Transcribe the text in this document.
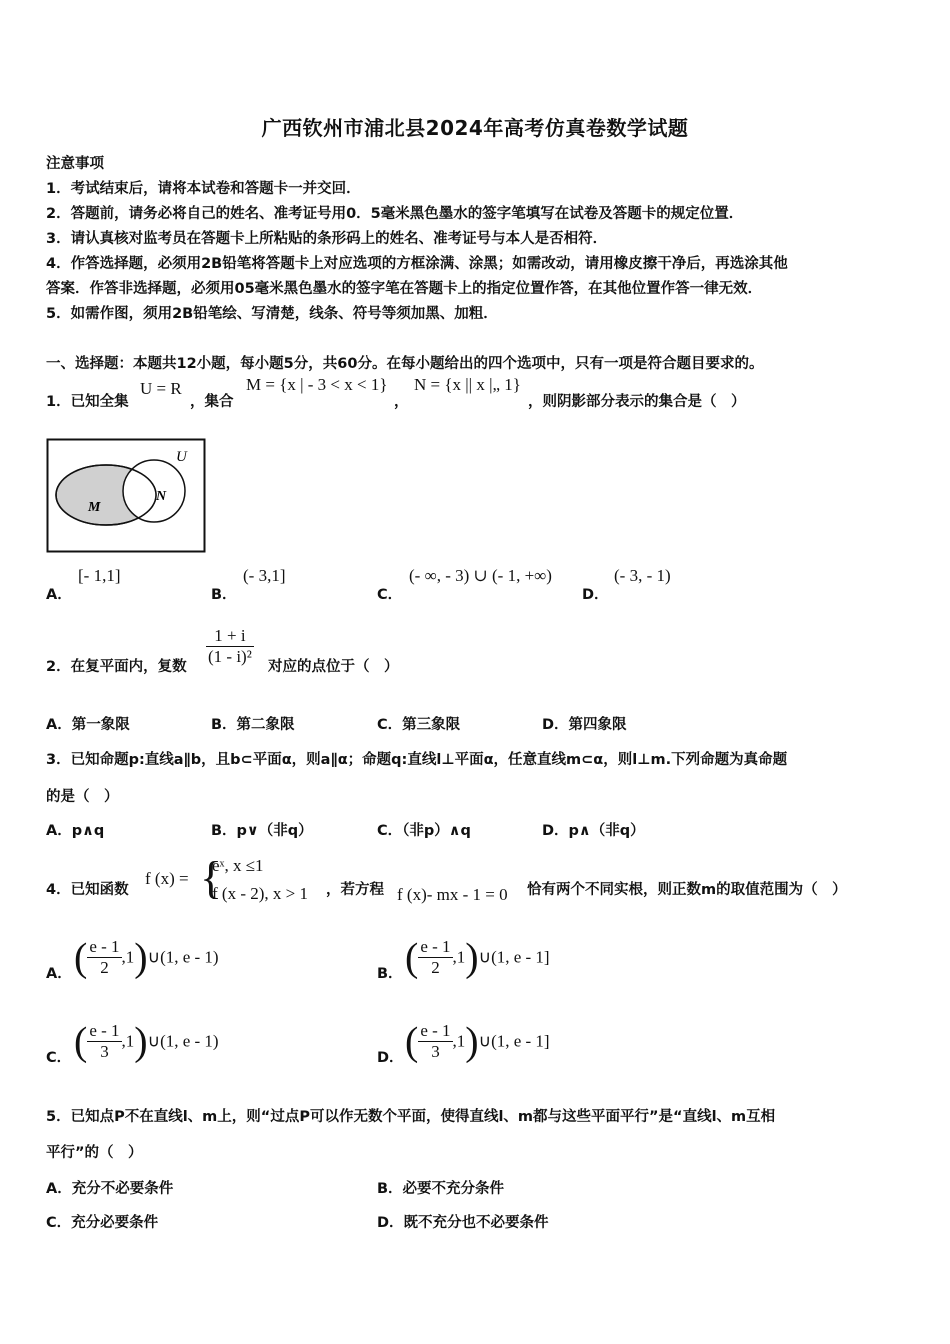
广西钦州市浦北县2024年高考仿真卷数学试题
注意事项
1．考试结束后，请将本试卷和答题卡一并交回．
2．答题前，请务必将自己的姓名、准考证号用0．5毫米黑色墨水的签字笔填写在试卷及答题卡的规定位置．
3．请认真核对监考员在答题卡上所粘贴的条形码上的姓名、准考证号与本人是否相符．
4．作答选择题，必须用2B铅笔将答题卡上对应选项的方框涂满、涂黑；如需改动，请用橡皮擦干净后，再选涂其他
答案．作答非选择题，必须用05毫米黑色墨水的签字笔在答题卡上的指定位置作答，在其他位置作答一律无效．
5．如需作图，须用2B铅笔绘、写清楚，线条、符号等须加黑、加粗．
一、选择题：本题共12小题，每小题5分，共60分。在每小题给出的四个选项中，只有一项是符合题目要求的。
1．已知全集
U = R
，集合
M = {x | - 3 < x < 1}
，
N = {x || x |„ 1}
，则阴影部分表示的集合是（　）
U
M
N
A．
[- 1,1]
B．
(- 3,1]
C．
(- ∞, - 3) ∪ (- 1, +∞)
D．
(- 3, - 1)
2．在复平面内，复数 $\frac{1 + i}{\text{(1 - i)²}}$ 对应的点位于（　）
A．第一象限	B．第二象限	C．第三象限	D．第四象限
3．已知命题p:直线a∥b，且b⊂平面α，则a∥α；命题q:直线l⊥平面α，任意直线m⊂α，则l⊥m.下列命题为真命题
的是（　）
A．p∧q	B．p∨（非q）	C．（非p）∧q	D．p∧（非q）
4．已知函数
f (x) = {
eˣ, x ≤1
f (x - 2), x > 1 ，若方程 f (x)- mx - 1 = 0 恰有两个不同实根，则正数m的取值范围为（　）
A． ( $\frac{e - 1}{2}$ ,1)∪(1, e - 1)
B． ( $\frac{e - 1}{2}$ ,1)∪(1, e - 1]
C． ( $\frac{e - 1}{3}$ ,1)∪(1, e - 1)
D． ( $\frac{e - 1}{3}$ ,1)∪(1, e - 1]
5．已知点P不在直线l、m上，则“过点P可以作无数个平面，使得直线l、m都与这些平面平行”是“直线l、m互相
平行”的（　）
A．充分不必要条件	B．必要不充分条件
C．充分必要条件	D．既不充分也不必要条件
